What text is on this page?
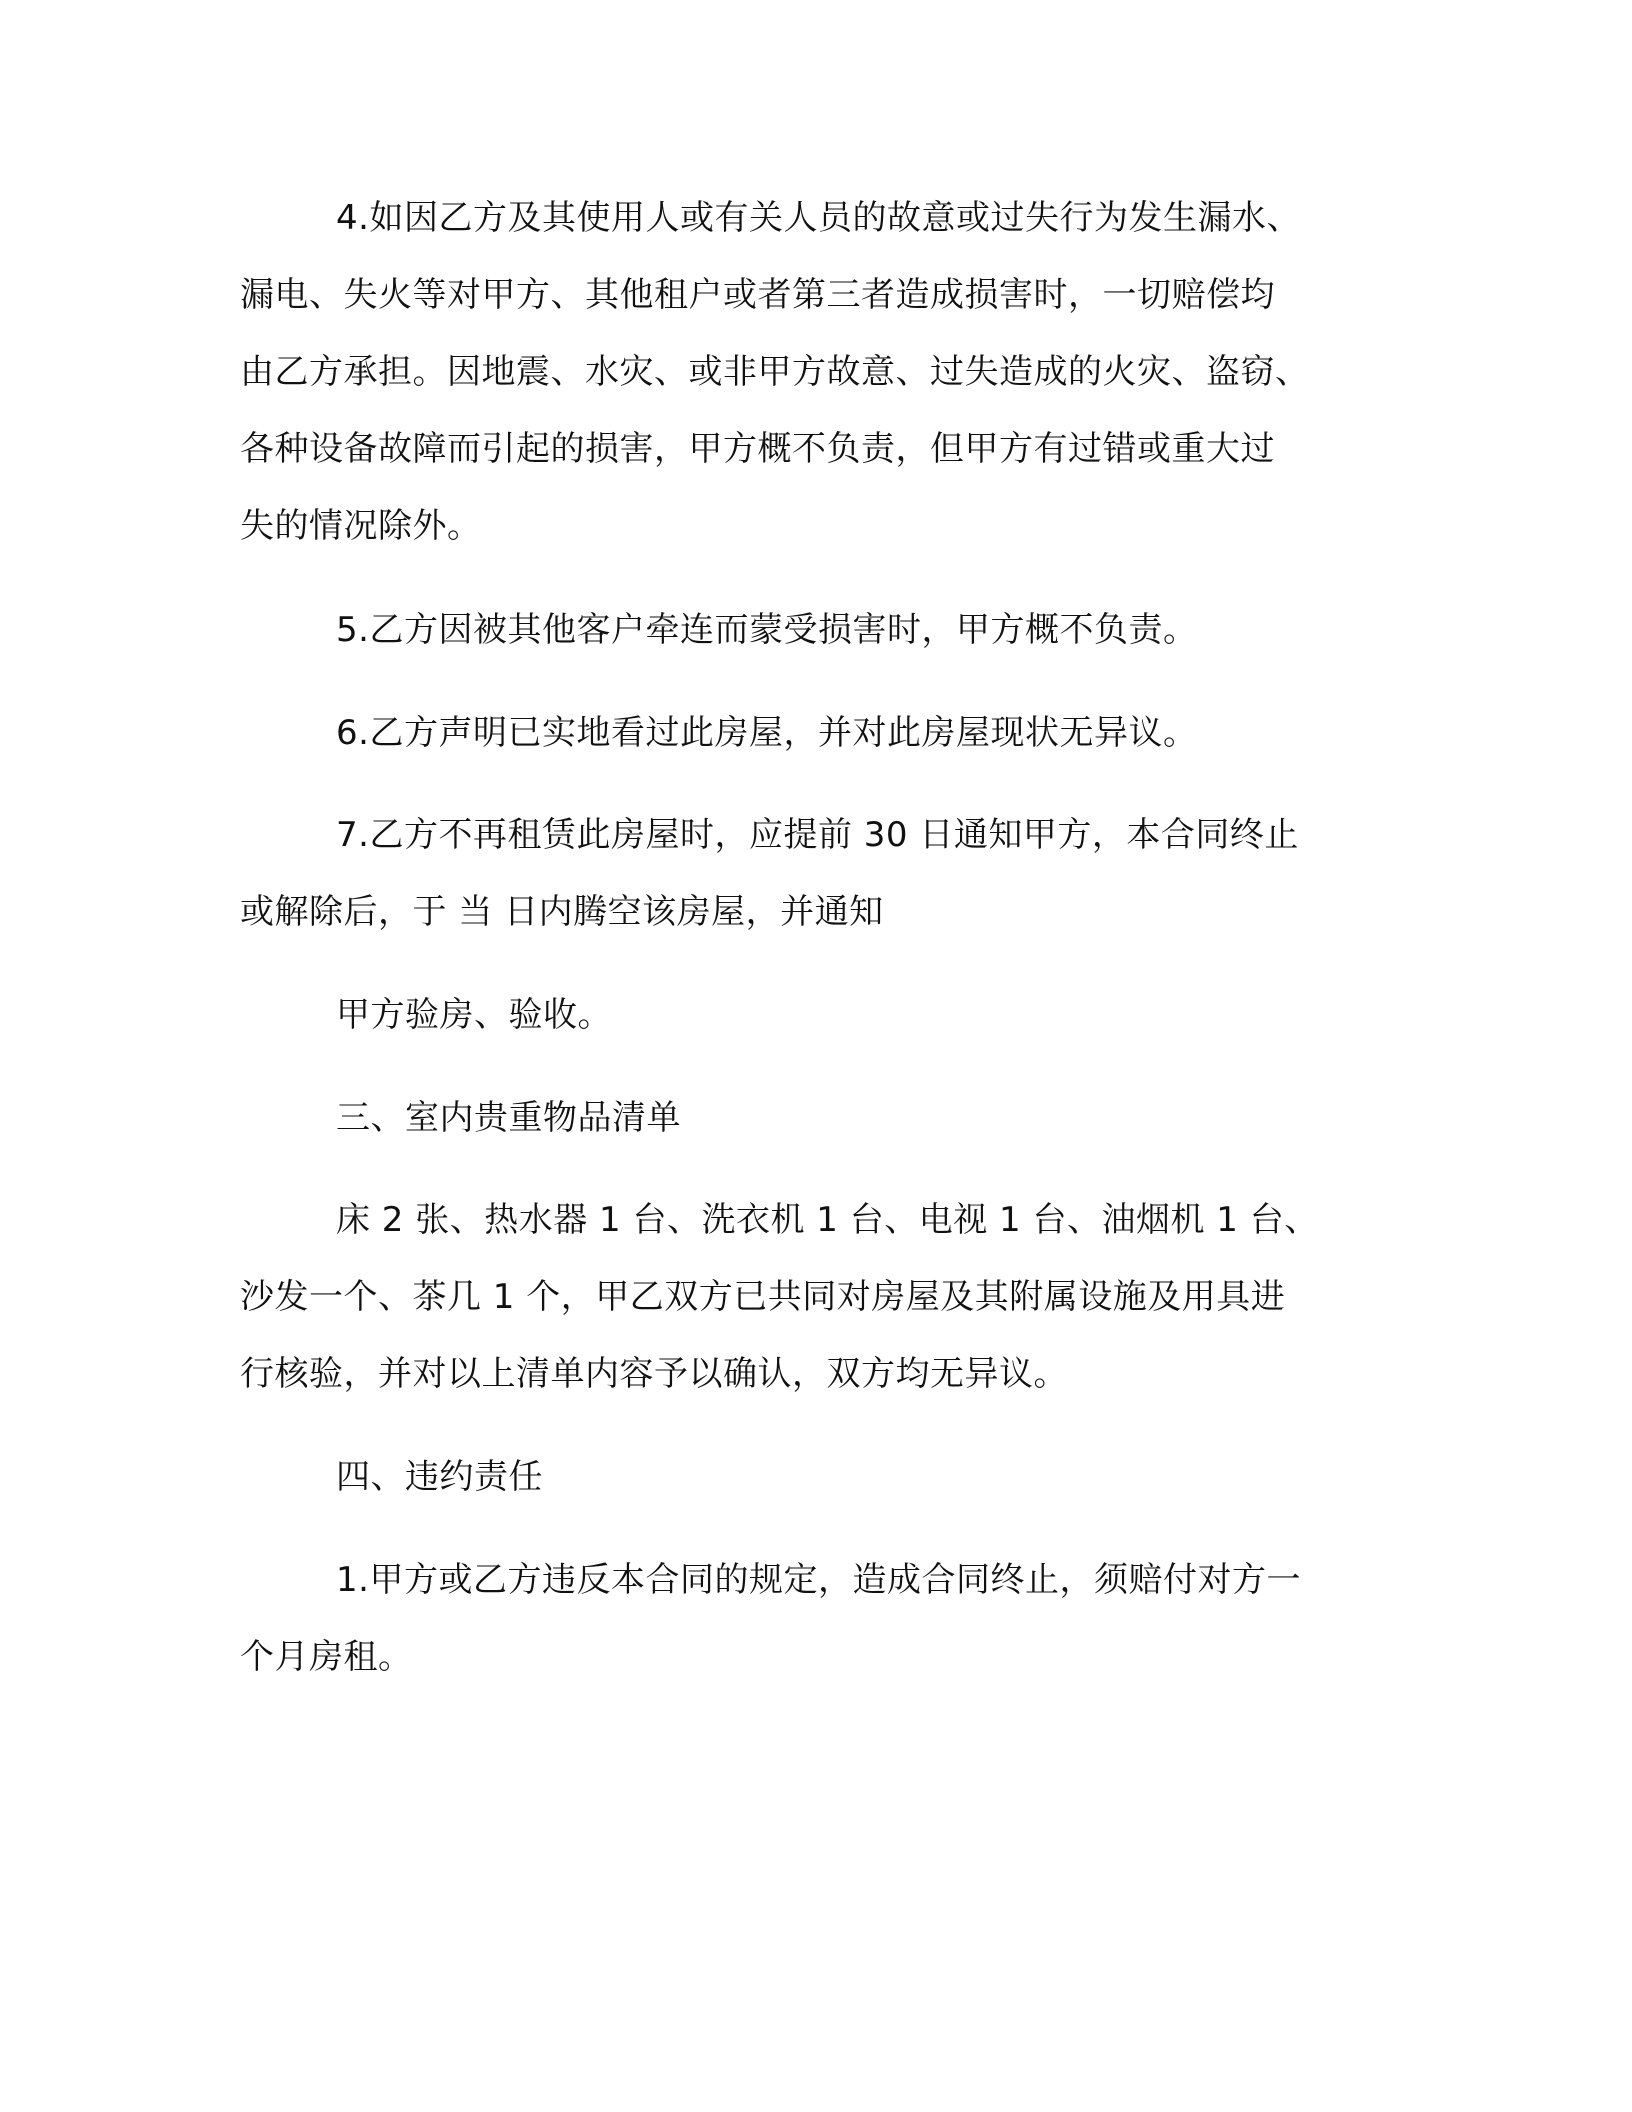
4.如因乙方及其使用人或有关人员的故意或过失行为发生漏水、
漏电、失火等对甲方、其他租户或者第三者造成损害时，一切赔偿均
由乙方承担。因地震、水灾、或非甲方故意、过失造成的火灾、盗窃、
各种设备故障而引起的损害，甲方概不负责，但甲方有过错或重大过
失的情况除外。

5.乙方因被其他客户牵连而蒙受损害时，甲方概不负责。

6.乙方声明已实地看过此房屋，并对此房屋现状无异议。

7.乙方不再租赁此房屋时，应提前 30 日通知甲方，本合同终止
或解除后，于 当 日内腾空该房屋，并通知

甲方验房、验收。

三、室内贵重物品清单

床 2 张、热水器 1 台、洗衣机 1 台、电视 1 台、油烟机 1 台、
沙发一个、茶几 1 个，甲乙双方已共同对房屋及其附属设施及用具进
行核验，并对以上清单内容予以确认，双方均无异议。

四、违约责任

1.甲方或乙方违反本合同的规定，造成合同终止，须赔付对方一
个月房租。
